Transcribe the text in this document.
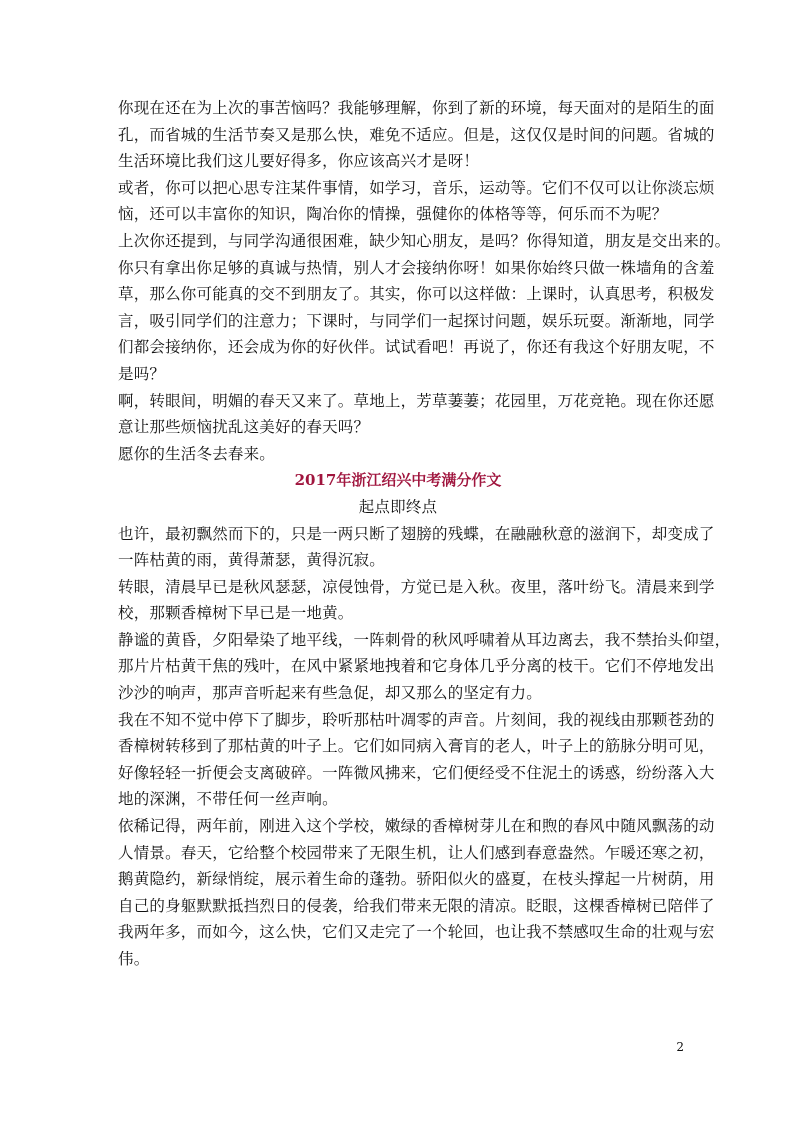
你现在还在为上次的事苦恼吗？我能够理解，你到了新的环境，每天面对的是陌生的面
孔，而省城的生活节奏又是那么快，难免不适应。但是，这仅仅是时间的问题。省城的
生活环境比我们这儿要好得多，你应该高兴才是呀！
或者，你可以把心思专注某件事情，如学习，音乐，运动等。它们不仅可以让你淡忘烦
恼，还可以丰富你的知识，陶冶你的情操，强健你的体格等等，何乐而不为呢？
上次你还提到，与同学沟通很困难，缺少知心朋友，是吗？你得知道，朋友是交出来的。
你只有拿出你足够的真诚与热情，别人才会接纳你呀！如果你始终只做一株墙角的含羞
草，那么你可能真的交不到朋友了。其实，你可以这样做：上课时，认真思考，积极发
言，吸引同学们的注意力；下课时，与同学们一起探讨问题，娱乐玩耍。渐渐地，同学
们都会接纳你，还会成为你的好伙伴。试试看吧！再说了，你还有我这个好朋友呢，不
是吗？
啊，转眼间，明媚的春天又来了。草地上，芳草萋萋；花园里，万花竞艳。现在你还愿
意让那些烦恼扰乱这美好的春天吗？
愿你的生活冬去春来。
2017年浙江绍兴中考满分作文
起点即终点
也许，最初飘然而下的，只是一两只断了翅膀的残蝶，在融融秋意的滋润下，却变成了
一阵枯黄的雨，黄得萧瑟，黄得沉寂。
转眼，清晨早已是秋风瑟瑟，凉侵蚀骨，方觉已是入秋。夜里，落叶纷飞。清晨来到学
校，那颗香樟树下早已是一地黄。
静谧的黄昏，夕阳晕染了地平线，一阵刺骨的秋风呼啸着从耳边离去，我不禁抬头仰望，
那片片枯黄干焦的残叶，在风中紧紧地拽着和它身体几乎分离的枝干。它们不停地发出
沙沙的响声，那声音听起来有些急促，却又那么的坚定有力。
我在不知不觉中停下了脚步，聆听那枯叶凋零的声音。片刻间，我的视线由那颗苍劲的
香樟树转移到了那枯黄的叶子上。它们如同病入膏肓的老人，叶子上的筋脉分明可见，
好像轻轻一折便会支离破碎。一阵微风拂来，它们便经受不住泥土的诱惑，纷纷落入大
地的深渊，不带任何一丝声响。
依稀记得，两年前，刚进入这个学校，嫩绿的香樟树芽儿在和煦的春风中随风飘荡的动
人情景。春天，它给整个校园带来了无限生机，让人们感到春意盎然。乍暖还寒之初，
鹅黄隐约，新绿悄绽，展示着生命的蓬勃。骄阳似火的盛夏，在枝头撑起一片树荫，用
自己的身躯默默抵挡烈日的侵袭，给我们带来无限的清凉。眨眼，这棵香樟树已陪伴了
我两年多，而如今，这么快，它们又走完了一个轮回，也让我不禁感叹生命的壮观与宏
伟。
2
